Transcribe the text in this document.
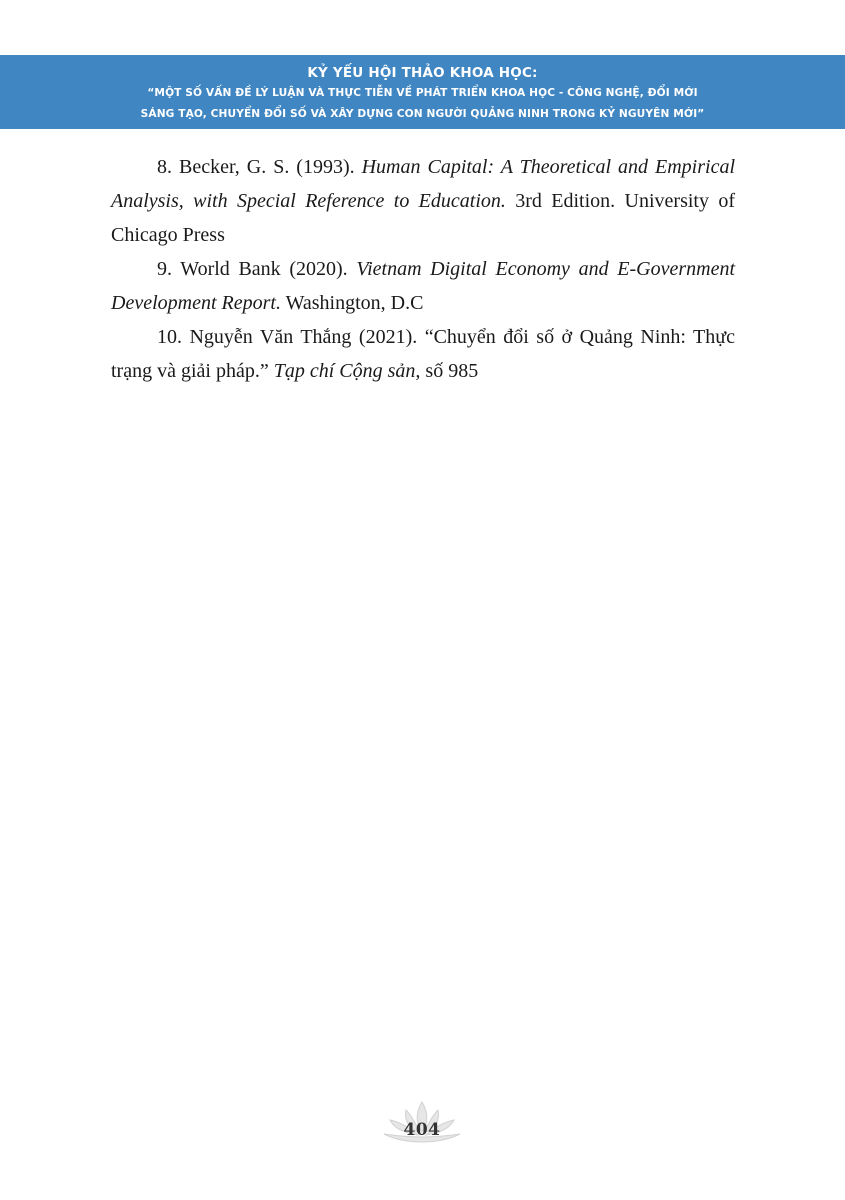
KỶ YẾU HỘI THẢO KHOA HỌC:
“MỘT SỐ VẤN ĐỀ LÝ LUẬN VÀ THỰC TIỄN VỀ PHÁT TRIỂN KHOA HỌC - CÔNG NGHỆ, ĐỔI MỚI
SÁNG TẠO, CHUYỂN ĐỔI SỐ VÀ XÂY DỰNG CON NGƯỜI QUẢNG NINH TRONG KỶ NGUYÊN MỚI”

8. Becker, G. S. (1993). Human Capital: A Theoretical and Empirical Analysis, with Special Reference to Education. 3rd Edition. University of Chicago Press

9. World Bank (2020). Vietnam Digital Economy and E-Government Development Report. Washington, D.C

10. Nguyễn Văn Thắng (2021). “Chuyển đổi số ở Quảng Ninh: Thực trạng và giải pháp.” Tạp chí Cộng sản, số 985

404
